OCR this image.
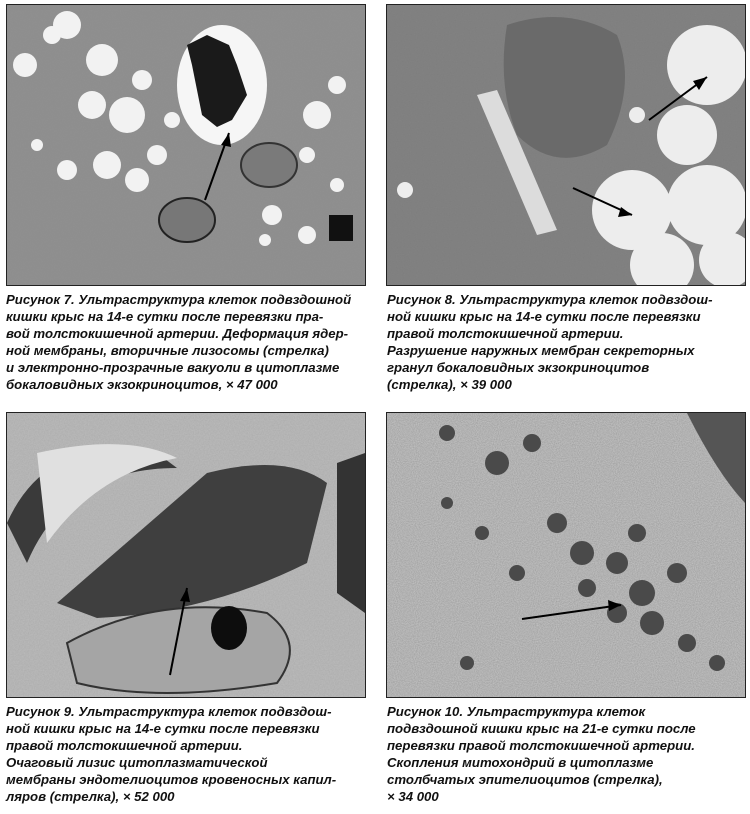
Рисунок 7. Ультраструктура клеток подвздошной
кишки крыс на 14-е сутки после перевязки пра-
вой толстокишечной артерии. Деформация ядер-
ной мембраны, вторичные лизосомы (стрелка)
и электронно-прозрачные вакуоли в цитоплазме
бокаловидных экзокриноцитов, × 47 000
Рисунок 8. Ультраструктура клеток подвздош-
ной кишки крыс на 14-е сутки после перевязки
правой толстокишечной артерии.
Разрушение наружных мембран секреторных
гранул бокаловидных экзокриноцитов
(стрелка), × 39 000
Рисунок 9. Ультраструктура клеток подвздош-
ной кишки крыс на 14-е сутки после перевязки
правой толстокишечной артерии.
Очаговый лизис цитоплазматической
мембраны эндотелиоцитов кровеносных капил-
ляров (стрелка), × 52 000
Рисунок 10. Ультраструктура клеток
подвздошной кишки крыс на 21-е сутки после
перевязки правой толстокишечной артерии.
Скопления митохондрий в цитоплазме
столбчатых эпителиоцитов (стрелка),
× 34 000
